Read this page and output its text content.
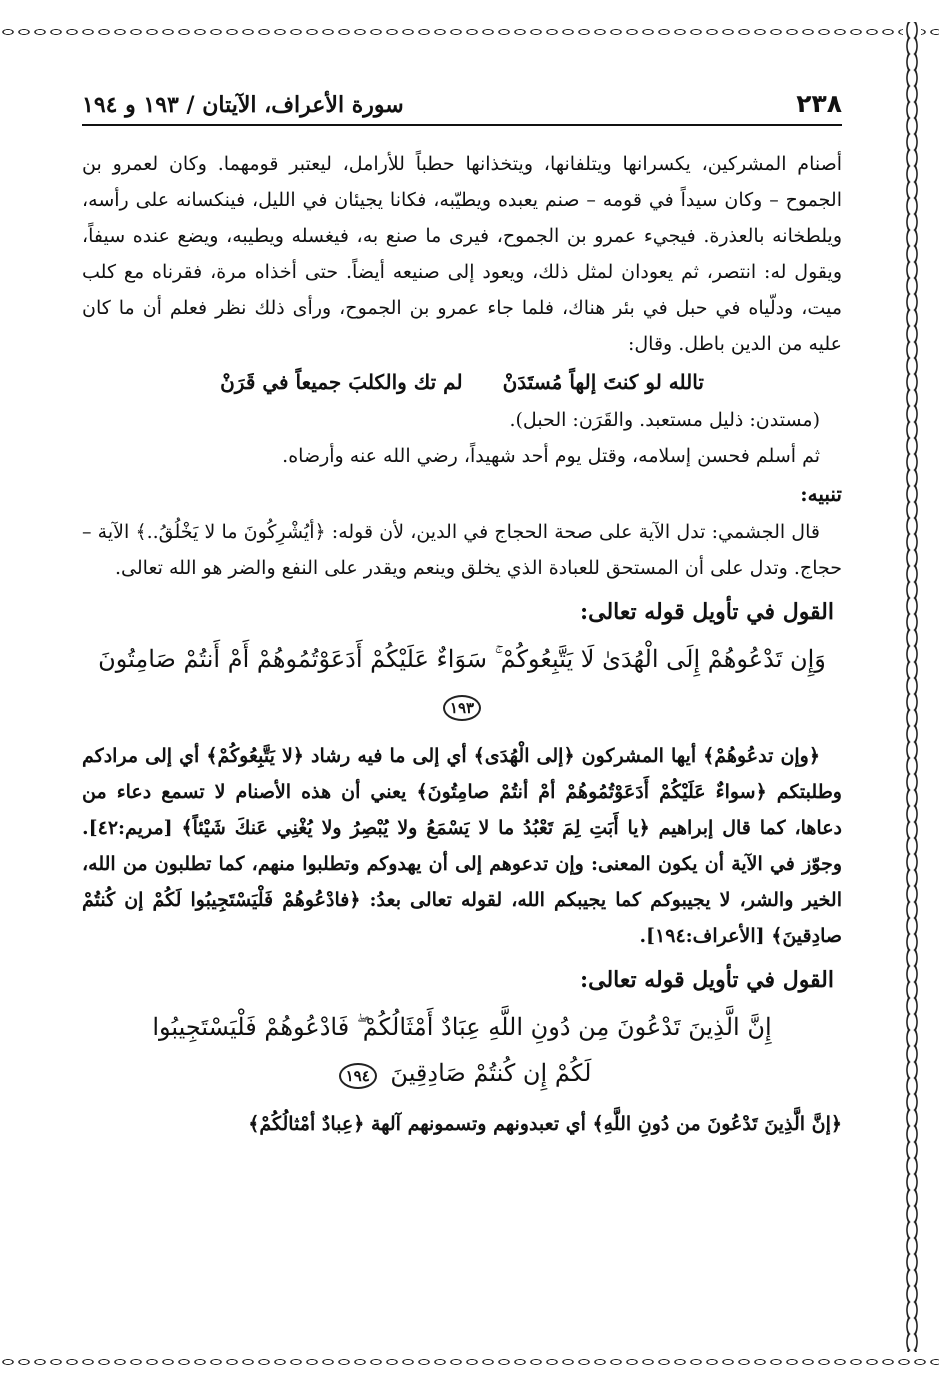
٢٣٨
سورة الأعراف، الآيتان / ١٩٣ و ١٩٤

أصنام المشركين، يكسرانها ويتلفانها، ويتخذانها حطباً للأرامل، ليعتبر قومهما. وكان لعمرو بن الجموح – وكان سيداً في قومه – صنم يعبده ويطيّبه، فكانا يجيئان في الليل، فينكسانه على رأسه، ويلطخانه بالعذرة. فيجيء عمرو بن الجموح، فيرى ما صنع به، فيغسله ويطيبه، ويضع عنده سيفاً، ويقول له: انتصر، ثم يعودان لمثل ذلك، ويعود إلى صنيعه أيضاً. حتى أخذاه مرة، فقرناه مع كلب ميت، ودلّياه في حبل في بئر هناك، فلما جاء عمرو بن الجموح، ورأى ذلك نظر فعلم أن ما كان عليه من الدين باطل. وقال:

تالله لو كنتَ إلهاً مُستَدَنْ
لم تك والكلبَ جميعاً في قَرَنْ

(مستدن: ذليل مستعبد. والقَرَن: الحبل).

ثم أسلم فحسن إسلامه، وقتل يوم أحد شهيداً، رضي الله عنه وأرضاه.

تنبيه:

قال الجشمي: تدل الآية على صحة الحجاج في الدين، لأن قوله: ﴿أيُشْرِكُونَ ما لا يَخْلُقُ..﴾ الآية – حجاج. وتدل على أن المستحق للعبادة الذي يخلق وينعم ويقدر على النفع والضر هو الله تعالى.

القول في تأويل قوله تعالى:

وَإِن تَدْعُوهُمْ إِلَى الْهُدَىٰ لَا يَتَّبِعُوكُمْ ۚ سَوَاءٌ عَلَيْكُمْ أَدَعَوْتُمُوهُمْ أَمْ أَنتُمْ صَامِتُونَ ١٩٣

﴿وإن تدعُوهُمْ﴾ أيها المشركون ﴿إلى الْهُدَى﴾ أي إلى ما فيه رشاد ﴿لا يَتَّبِعُوكُمْ﴾ أي إلى مرادكم وطلبتكم ﴿سواءٌ عَلَيْكُمْ أَدَعَوْتُمُوهُمْ أمْ أنتُمْ صامِتُونَ﴾ يعني أن هذه الأصنام لا تسمع دعاء من دعاها، كما قال إبراهيم ﴿يا أَبَتِ لِمَ تَعْبُدُ ما لا يَسْمَعُ ولا يُبْصِرُ ولا يُغْنِي عَنكَ شَيْئاً﴾ [مريم:٤٢]. وجوّز في الآية أن يكون المعنى: وإن تدعوهم إلى أن يهدوكم وتطلبوا منهم، كما تطلبون من الله، الخير والشر، لا يجيبوكم كما يجيبكم الله، لقوله تعالى بعدُ: ﴿فادْعُوهُمْ فَلْيَسْتَجِيبُوا لَكُمْ إن كُنتُمْ صادِقينَ﴾ [الأعراف:١٩٤].

القول في تأويل قوله تعالى:

إِنَّ الَّذِينَ تَدْعُونَ مِن دُونِ اللَّهِ عِبَادٌ أَمْثَالُكُمْ ۖ فَادْعُوهُمْ فَلْيَسْتَجِيبُوا
لَكُمْ إِن كُنتُمْ صَادِقِينَ ١٩٤

﴿إنَّ الَّذِينَ تَدْعُونَ من دُونِ اللَّهِ﴾ أي تعبدونهم وتسمونهم آلهة ﴿عِبادٌ أمْثالُكُمْ﴾
